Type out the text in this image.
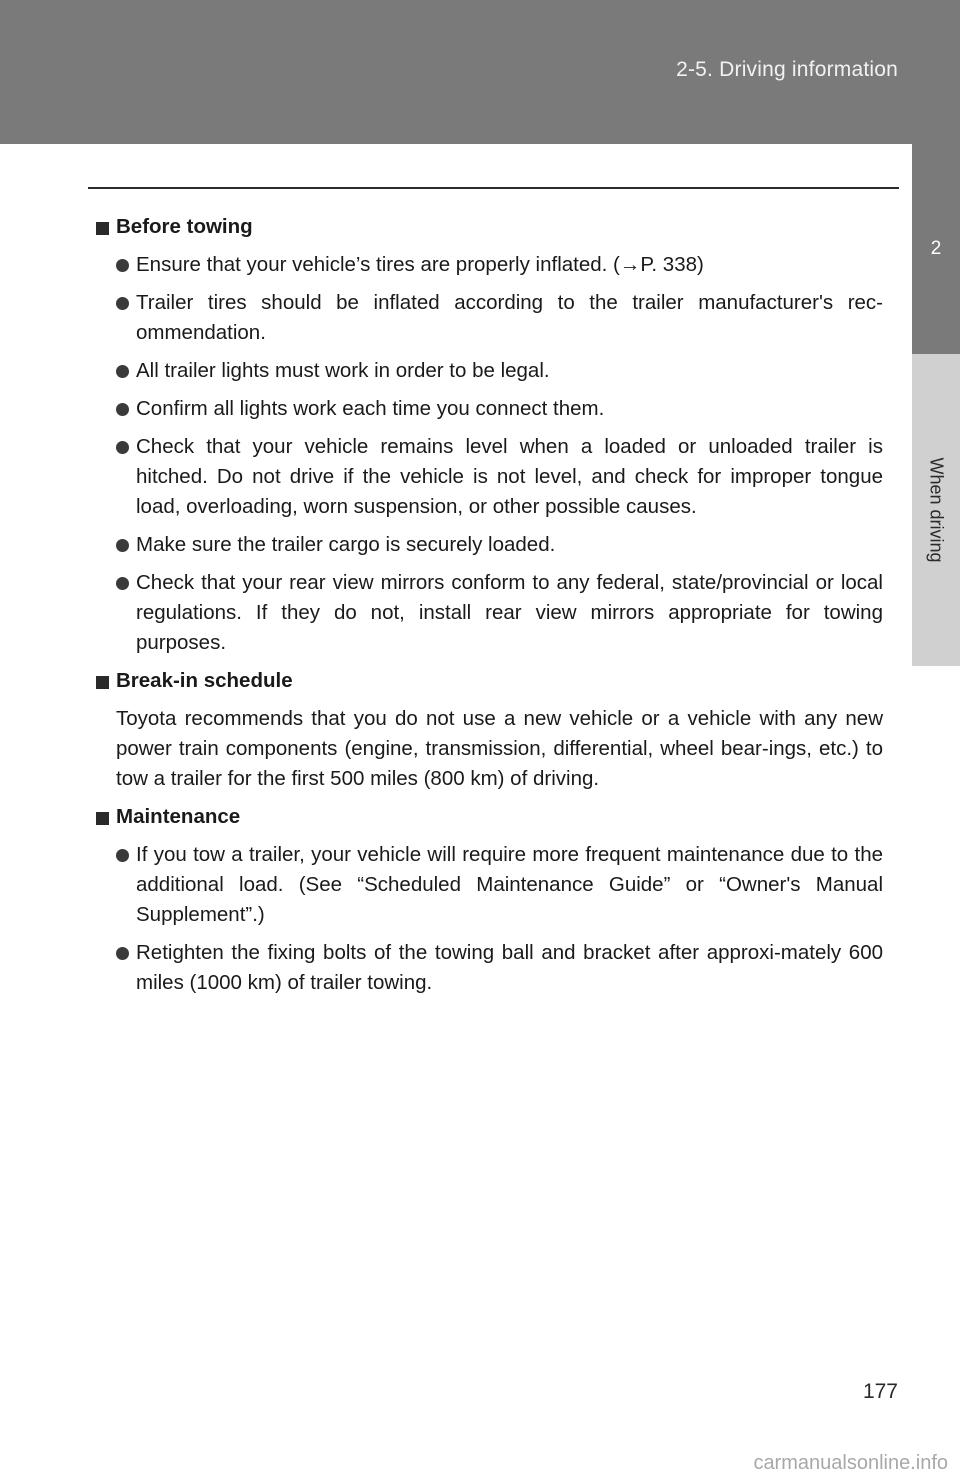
2-5. Driving information
2
When driving
Before towing
Ensure that your vehicle’s tires are properly inflated. (→P. 338)
Trailer tires should be inflated according to the trailer manufacturer's rec-ommendation.
All trailer lights must work in order to be legal.
Confirm all lights work each time you connect them.
Check that your vehicle remains level when a loaded or unloaded trailer is hitched. Do not drive if the vehicle is not level, and check for improper tongue load, overloading, worn suspension, or other possible causes.
Make sure the trailer cargo is securely loaded.
Check that your rear view mirrors conform to any federal, state/provincial or local regulations. If they do not, install rear view mirrors appropriate for towing purposes.
Break-in schedule
Toyota recommends that you do not use a new vehicle or a vehicle with any new power train components (engine, transmission, differential, wheel bear-ings, etc.) to tow a trailer for the first 500 miles (800 km) of driving.
Maintenance
If you tow a trailer, your vehicle will require more frequent maintenance due to the additional load. (See “Scheduled Maintenance Guide” or “Owner's Manual Supplement”.)
Retighten the fixing bolts of the towing ball and bracket after approxi-mately 600 miles (1000 km) of trailer towing.
177
carmanualsonline.info
